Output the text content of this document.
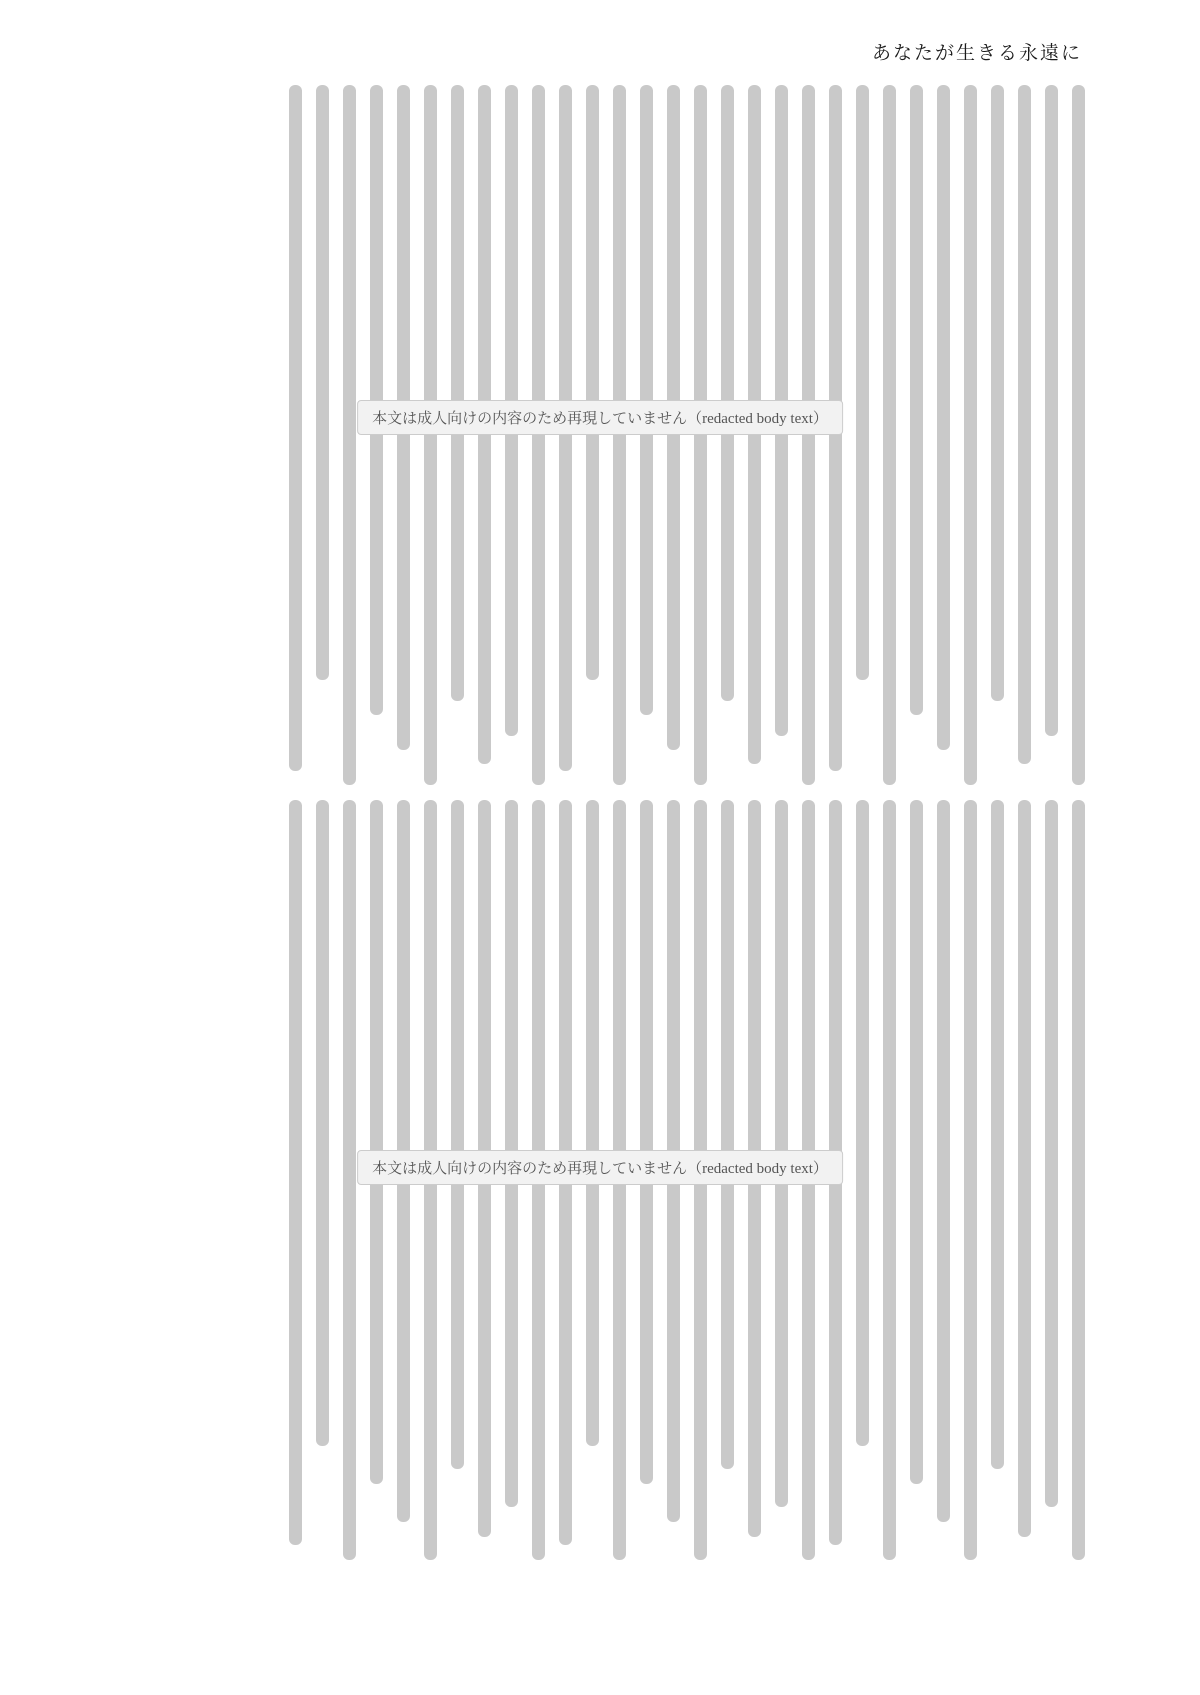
あなたが生きる永遠に
本文は成人向けの内容のため再現していません（redacted body text）
本文は成人向けの内容のため再現していません（redacted body text）
